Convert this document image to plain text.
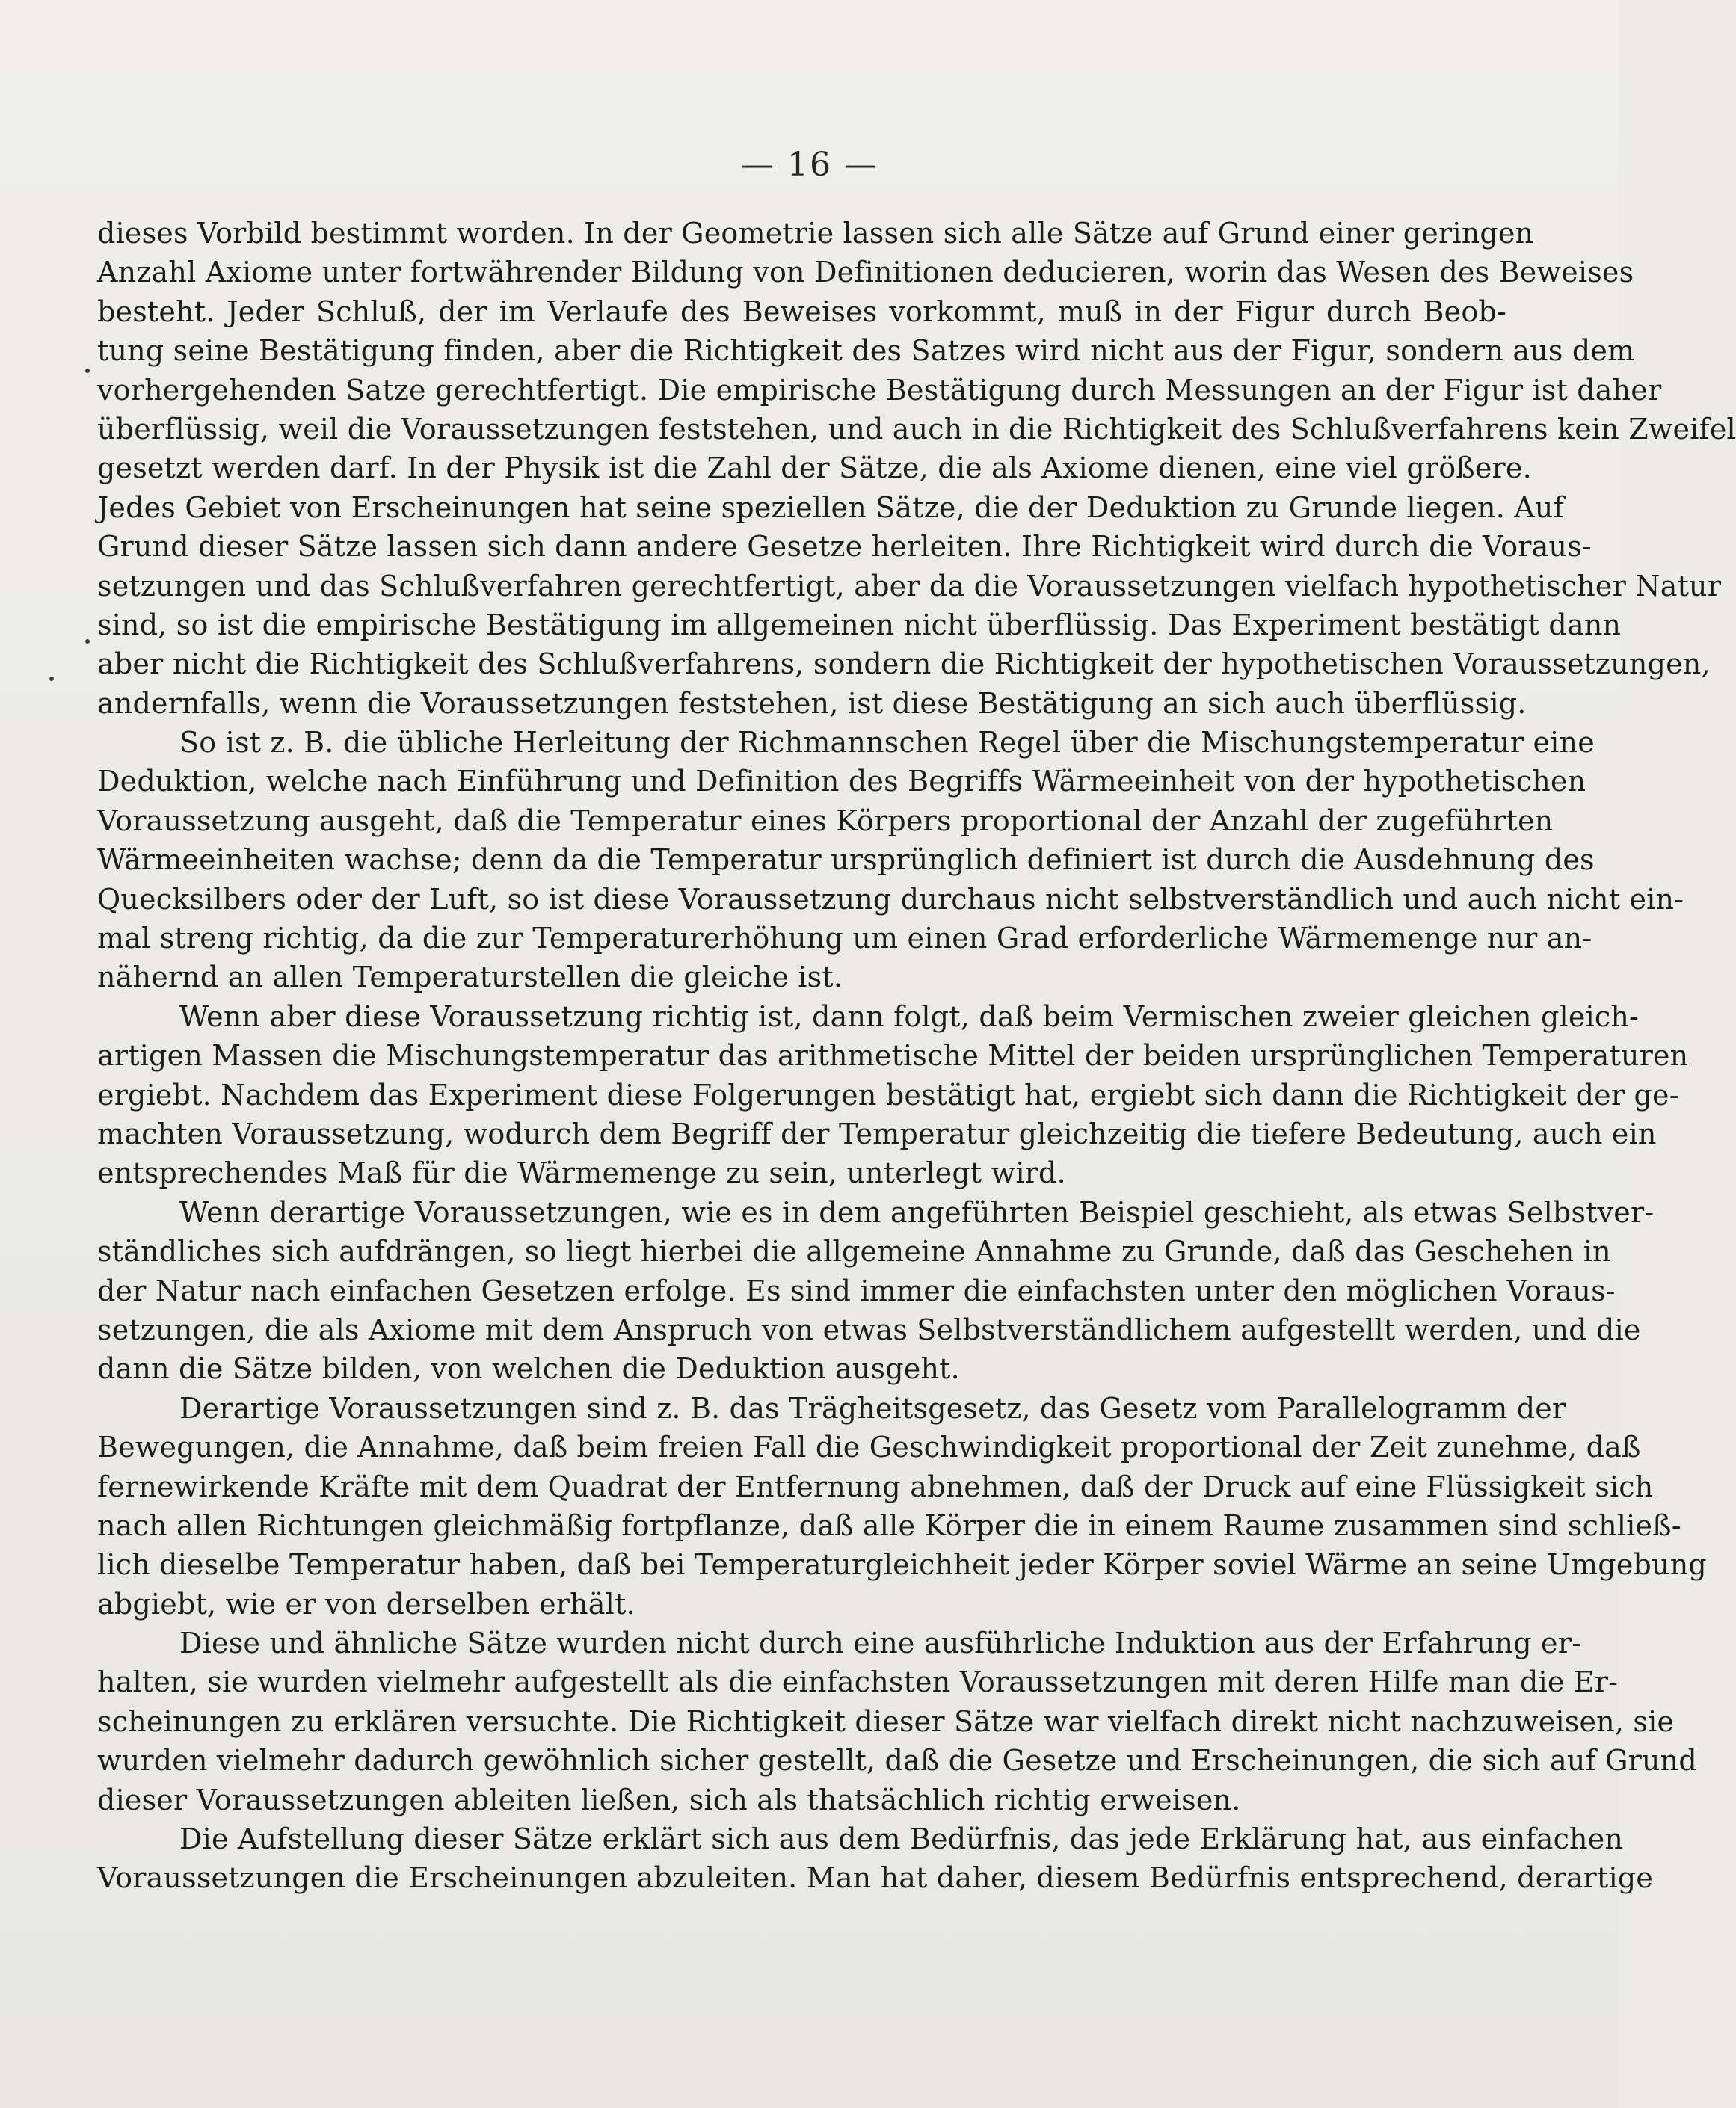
— 16 —
dieses Vorbild bestimmt worden. In der Geometrie lassen sich alle Sätze auf Grund einer geringen
Anzahl Axiome unter fortwährender Bildung von Definitionen deducieren, worin das Wesen des Beweises
besteht. Jeder Schluß, der im Verlaufe des Beweises vorkommt, muß in der Figur durch Beob-
tung seine Bestätigung finden, aber die Richtigkeit des Satzes wird nicht aus der Figur, sondern aus dem
vorhergehenden Satze gerechtfertigt. Die empirische Bestätigung durch Messungen an der Figur ist daher
überflüssig, weil die Voraussetzungen feststehen, und auch in die Richtigkeit des Schlußverfahrens kein Zweifel
gesetzt werden darf. In der Physik ist die Zahl der Sätze, die als Axiome dienen, eine viel größere.
Jedes Gebiet von Erscheinungen hat seine speziellen Sätze, die der Deduktion zu Grunde liegen. Auf
Grund dieser Sätze lassen sich dann andere Gesetze herleiten. Ihre Richtigkeit wird durch die Voraus-
setzungen und das Schlußverfahren gerechtfertigt, aber da die Voraussetzungen vielfach hypothetischer Natur
sind, so ist die empirische Bestätigung im allgemeinen nicht überflüssig. Das Experiment bestätigt dann
aber nicht die Richtigkeit des Schlußverfahrens, sondern die Richtigkeit der hypothetischen Voraussetzungen,
andernfalls, wenn die Voraussetzungen feststehen, ist diese Bestätigung an sich auch überflüssig.
So ist z. B. die übliche Herleitung der Richmannschen Regel über die Mischungstemperatur eine
Deduktion, welche nach Einführung und Definition des Begriffs Wärmeeinheit von der hypothetischen
Voraussetzung ausgeht, daß die Temperatur eines Körpers proportional der Anzahl der zugeführten
Wärmeeinheiten wachse; denn da die Temperatur ursprünglich definiert ist durch die Ausdehnung des
Quecksilbers oder der Luft, so ist diese Voraussetzung durchaus nicht selbstverständlich und auch nicht ein-
mal streng richtig, da die zur Temperaturerhöhung um einen Grad erforderliche Wärmemenge nur an-
nähernd an allen Temperaturstellen die gleiche ist.
Wenn aber diese Voraussetzung richtig ist, dann folgt, daß beim Vermischen zweier gleichen gleich-
artigen Massen die Mischungstemperatur das arithmetische Mittel der beiden ursprünglichen Temperaturen
ergiebt. Nachdem das Experiment diese Folgerungen bestätigt hat, ergiebt sich dann die Richtigkeit der ge-
machten Voraussetzung, wodurch dem Begriff der Temperatur gleichzeitig die tiefere Bedeutung, auch ein
entsprechendes Maß für die Wärmemenge zu sein, unterlegt wird.
Wenn derartige Voraussetzungen, wie es in dem angeführten Beispiel geschieht, als etwas Selbstver-
ständliches sich aufdrängen, so liegt hierbei die allgemeine Annahme zu Grunde, daß das Geschehen in
der Natur nach einfachen Gesetzen erfolge. Es sind immer die einfachsten unter den möglichen Voraus-
setzungen, die als Axiome mit dem Anspruch von etwas Selbstverständlichem aufgestellt werden, und die
dann die Sätze bilden, von welchen die Deduktion ausgeht.
Derartige Voraussetzungen sind z. B. das Trägheitsgesetz, das Gesetz vom Parallelogramm der
Bewegungen, die Annahme, daß beim freien Fall die Geschwindigkeit proportional der Zeit zunehme, daß
fernewirkende Kräfte mit dem Quadrat der Entfernung abnehmen, daß der Druck auf eine Flüssigkeit sich
nach allen Richtungen gleichmäßig fortpflanze, daß alle Körper die in einem Raume zusammen sind schließ-
lich dieselbe Temperatur haben, daß bei Temperaturgleichheit jeder Körper soviel Wärme an seine Umgebung
abgiebt, wie er von derselben erhält.
Diese und ähnliche Sätze wurden nicht durch eine ausführliche Induktion aus der Erfahrung er-
halten, sie wurden vielmehr aufgestellt als die einfachsten Voraussetzungen mit deren Hilfe man die Er-
scheinungen zu erklären versuchte. Die Richtigkeit dieser Sätze war vielfach direkt nicht nachzuweisen, sie
wurden vielmehr dadurch gewöhnlich sicher gestellt, daß die Gesetze und Erscheinungen, die sich auf Grund
dieser Voraussetzungen ableiten ließen, sich als thatsächlich richtig erweisen.
Die Aufstellung dieser Sätze erklärt sich aus dem Bedürfnis, das jede Erklärung hat, aus einfachen
Voraussetzungen die Erscheinungen abzuleiten. Man hat daher, diesem Bedürfnis entsprechend, derartige
